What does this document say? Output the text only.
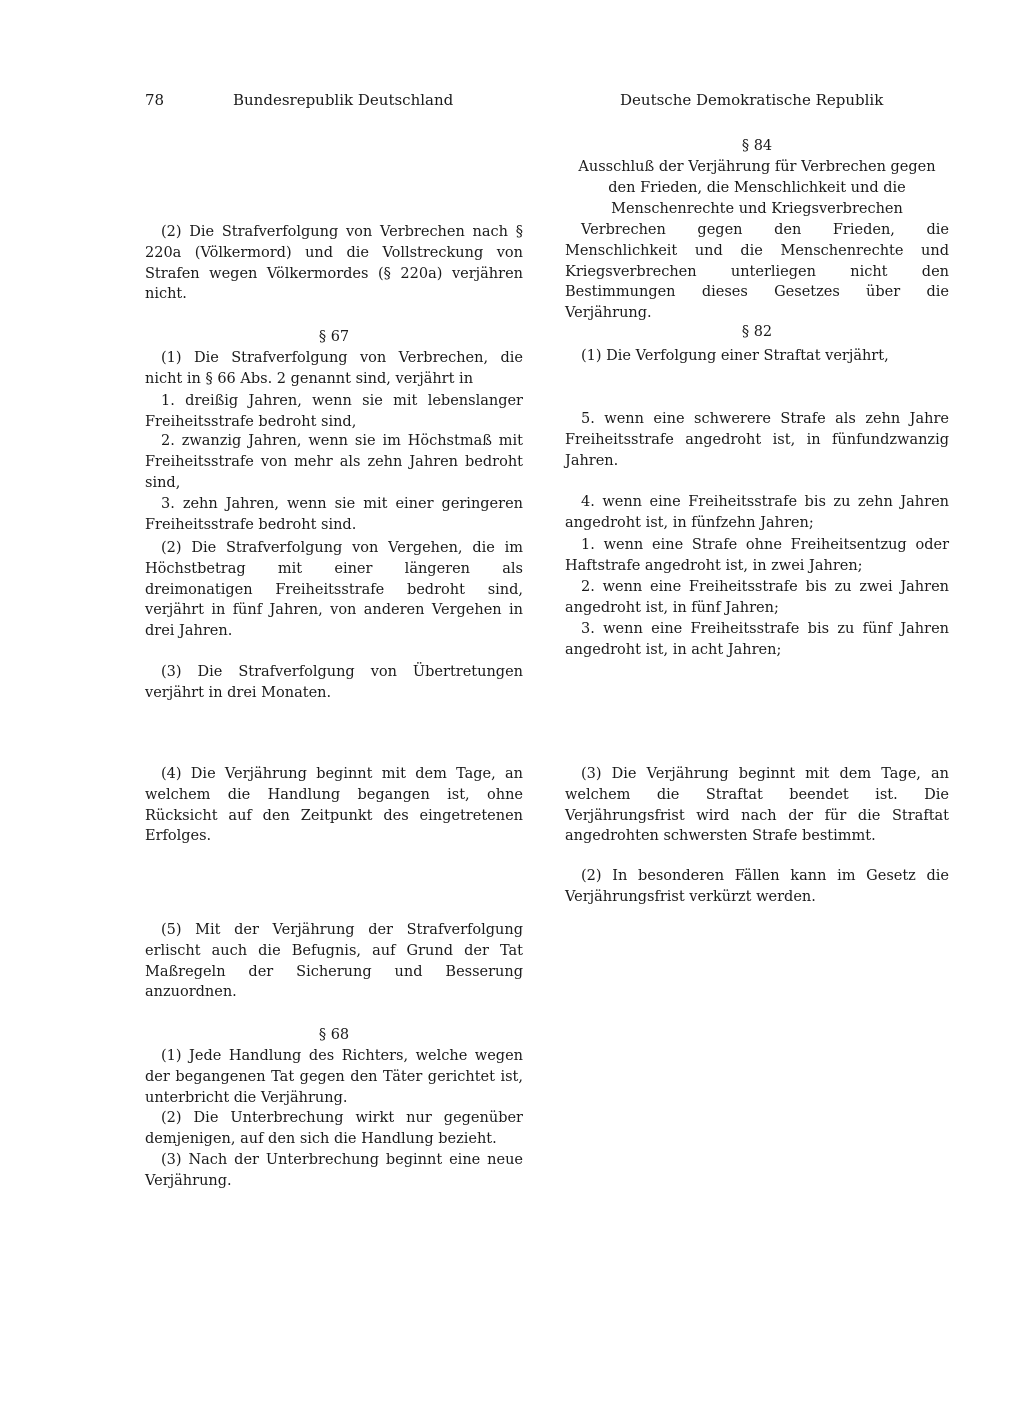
78	Bundesrepublik Deutschland	Deutsche Demokratische Republik

(2) Die Strafverfolgung von Verbrechen nach § 220a (Völkermord) und die Vollstreckung von Strafen wegen Völkermordes (§ 220a) verjähren nicht.

§ 67

(1) Die Strafverfolgung von Verbrechen, die nicht in § 66 Abs. 2 genannt sind, verjährt in

1. dreißig Jahren, wenn sie mit lebenslanger Freiheitsstrafe bedroht sind,

2. zwanzig Jahren, wenn sie im Höchstmaß mit Freiheitsstrafe von mehr als zehn Jahren bedroht sind,

3. zehn Jahren, wenn sie mit einer geringeren Freiheitsstrafe bedroht sind.

(2) Die Strafverfolgung von Vergehen, die im Höchstbetrag mit einer längeren als dreimonatigen Freiheitsstrafe bedroht sind, verjährt in fünf Jahren, von anderen Vergehen in drei Jahren.

(3) Die Strafverfolgung von Übertretungen verjährt in drei Monaten.

(4) Die Verjährung beginnt mit dem Tage, an welchem die Handlung begangen ist, ohne Rücksicht auf den Zeitpunkt des eingetretenen Erfolges.

(5) Mit der Verjährung der Strafverfolgung erlischt auch die Befugnis, auf Grund der Tat Maßregeln der Sicherung und Besserung anzuordnen.

§ 68

(1) Jede Handlung des Richters, welche wegen der begangenen Tat gegen den Täter gerichtet ist, unterbricht die Verjährung.

(2) Die Unterbrechung wirkt nur gegenüber demjenigen, auf den sich die Handlung bezieht.

(3) Nach der Unterbrechung beginnt eine neue Verjährung.

§ 84

Ausschluß der Verjährung für Verbrechen gegen den Frieden, die Menschlichkeit und die Menschenrechte und Kriegsverbrechen

Verbrechen gegen den Frieden, die Menschlichkeit und die Menschenrechte und Kriegsverbrechen unterliegen nicht den Bestimmungen dieses Gesetzes über die Verjährung.

§ 82

(1) Die Verfolgung einer Straftat verjährt,

5. wenn eine schwerere Strafe als zehn Jahre Freiheitsstrafe angedroht ist, in fünfundzwanzig Jahren.

4. wenn eine Freiheitsstrafe bis zu zehn Jahren angedroht ist, in fünfzehn Jahren;

1. wenn eine Strafe ohne Freiheitsentzug oder Haftstrafe angedroht ist, in zwei Jahren;

2. wenn eine Freiheitsstrafe bis zu zwei Jahren angedroht ist, in fünf Jahren;

3. wenn eine Freiheitsstrafe bis zu fünf Jahren angedroht ist, in acht Jahren;

(3) Die Verjährung beginnt mit dem Tage, an welchem die Straftat beendet ist. Die Verjährungsfrist wird nach der für die Straftat angedrohten schwersten Strafe bestimmt.

(2) In besonderen Fällen kann im Gesetz die Verjährungsfrist verkürzt werden.
